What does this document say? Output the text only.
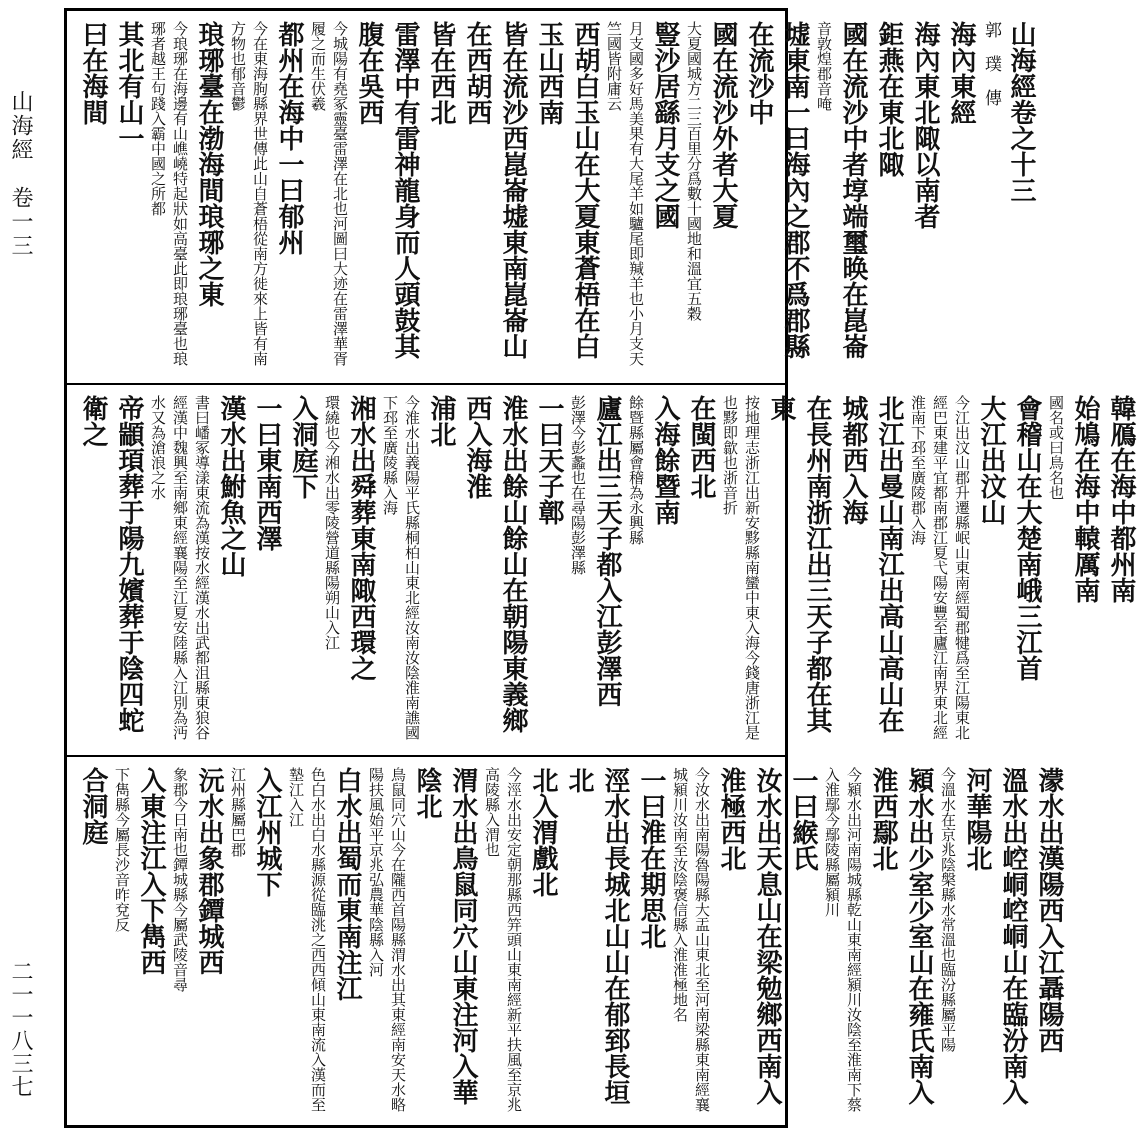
山海經　卷一三
二一一八三七
山海經卷之十三
郭　璞　傳
海內東經
海內東北陬以南者
鉅燕在東北陬
國在流沙中者埻端璽㬇在崑崙
音敦煌郡音唵
墟東南一曰海內之郡不爲郡縣在流沙中
國在流沙外者大夏
大夏國城方二三百里分爲數十國地和溫宜五穀
豎沙居繇月支之國
月支國多好馬美果有大尾羊如驢尾即羬羊也小月支天竺國皆附庸云
西胡白玉山在大夏東蒼梧在白玉山西南
皆在流沙西崑崙墟東南崑崙山在西胡西
皆在西北
雷澤中有雷神龍身而人頭鼓其腹在吳西
今城陽有堯冢靈臺雷澤在北也河圖曰大迹在雷澤華胥履之而生伏羲
都州在海中一曰郁州
今在東海朐縣界世傳此山自蒼梧從南方徙來上皆有南方物也郁音鬱
琅琊臺在渤海間琅琊之東
今琅琊在海邊有山嶕嶢特起狀如高臺此即琅琊臺也琅琊者越王句踐入霸中國之所都
其北有山一
曰在海間
韓鴈在海中都州南
始鳩在海中轅厲南
國名或曰鳥名也
會稽山在大楚南峨三江首
大江出汶山
今江出汶山郡升遷縣岷山東南經蜀郡犍爲至江陽東北經巴東建平宜都南郡江夏弋陽安豐至廬江南界東北經淮南下邳至廣陵郡入海
北江出曼山南江出高山高山在城都西入海
在長州南浙江出三天子都在其東
按地理志浙江出新安黟縣南蠻中東入海今錢唐浙江是也黟即歙也浙音折
在閩西北
入海餘暨南
餘暨縣屬會稽為永興縣
廬江出三天子都入江彭澤西
彭澤今彭蠡也在尋陽彭澤縣
一曰天子鄣
淮水出餘山餘山在朝陽東義鄉西入海淮
浦北
今淮水出義陽平氏縣桐柏山東北經汝南汝陰淮南譙國下邳至廣陵縣入海
湘水出舜葬東南陬西環之
環繞也今湘水出零陵營道縣陽朔山入江
入洞庭下
一曰東南西澤
漢水出鮒魚之山
書曰嶓冢導漾東流為漢按水經漢水出武都沮縣東狼谷經漢中魏興至南鄉東經襄陽至江夏安陸縣入江別為沔水又為滄浪之水
帝顓頊葬于陽九嬪葬于陰四蛇衛之
濛水出漢陽西入江聶陽西
溫水出崆峒崆峒山在臨汾南入河華陽北
今溫水在京兆陰槃縣水常溫也臨汾縣屬平陽
潁水出少室少室山在雍氏南入淮西鄢北
今潁水出河南陽城縣乾山東南經潁川汝陰至淮南下蔡入淮鄢今鄢陵縣屬潁川
一曰緱氏
汝水出天息山在梁勉鄉西南入淮極西北
今汝水出南陽魯陽縣大盂山東北至河南梁縣東南經襄城潁川汝南至汝陰褒信縣入淮淮極地名
一曰淮在期思北
涇水出長城北山山在郁郅長垣北
北入渭戲北
今涇水出安定朝那縣西笄頭山東南經新平扶風至京兆高陵縣入渭也
渭水出鳥鼠同穴山東注河入華陰北
鳥鼠同穴山今在隴西首陽縣渭水出其東經南安天水略陽扶風始平京兆弘農華陰縣入河
白水出蜀而東南注江
色白水出白水縣源從臨洮之西西傾山東南流入漢而至墊江入江
入江州城下
江州縣屬巴郡
沅水出象郡鐔城西
象郡今日南也鐔城縣今屬武陵音尋
入東注江入下雋西
下雋縣今屬長沙音昨兗反
合洞庭
